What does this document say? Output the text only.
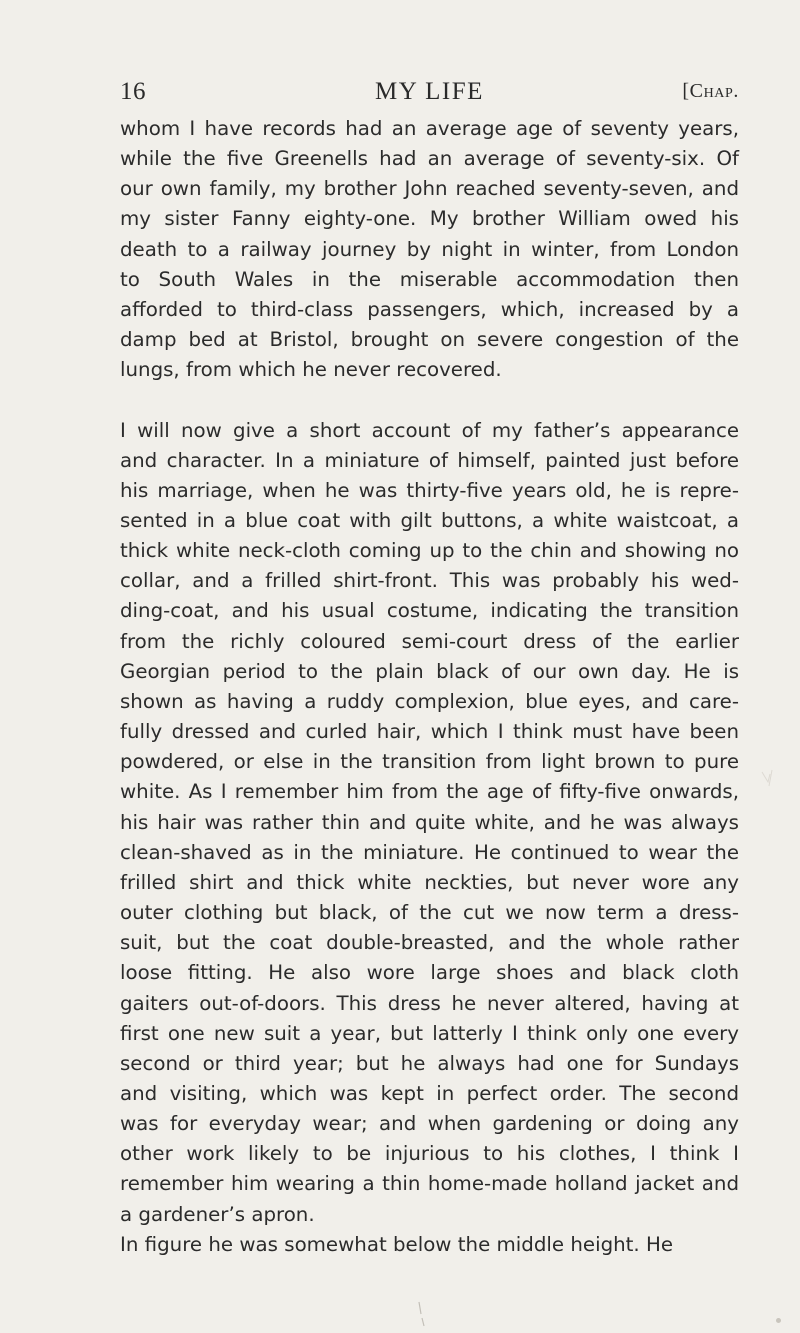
16	MY LIFE	[Chap.
whom I have records had an average age of seventy years,
while the five Greenells had an average of seventy-six. Of
our own family, my brother John reached seventy-seven, and
my sister Fanny eighty-one. My brother William owed his
death to a railway journey by night in winter, from London
to South Wales in the miserable accommodation then
afforded to third-class passengers, which, increased by a
damp bed at Bristol, brought on severe congestion of the
lungs, from which he never recovered.
I will now give a short account of my father’s appearance
and character. In a miniature of himself, painted just before
his marriage, when he was thirty-five years old, he is repre-
sented in a blue coat with gilt buttons, a white waistcoat, a
thick white neck-cloth coming up to the chin and showing no
collar, and a frilled shirt-front. This was probably his wed-
ding-coat, and his usual costume, indicating the transition
from the richly coloured semi-court dress of the earlier
Georgian period to the plain black of our own day. He is
shown as having a ruddy complexion, blue eyes, and care-
fully dressed and curled hair, which I think must have been
powdered, or else in the transition from light brown to pure
white. As I remember him from the age of fifty-five onwards,
his hair was rather thin and quite white, and he was always
clean-shaved as in the miniature. He continued to wear the
frilled shirt and thick white neckties, but never wore any
outer clothing but black, of the cut we now term a dress-
suit, but the coat double-breasted, and the whole rather
loose fitting. He also wore large shoes and black cloth
gaiters out-of-doors. This dress he never altered, having at
first one new suit a year, but latterly I think only one every
second or third year; but he always had one for Sundays
and visiting, which was kept in perfect order. The second
was for everyday wear; and when gardening or doing any
other work likely to be injurious to his clothes, I think I
remember him wearing a thin home-made holland jacket and
a gardener’s apron.
In figure he was somewhat below the middle height. He
